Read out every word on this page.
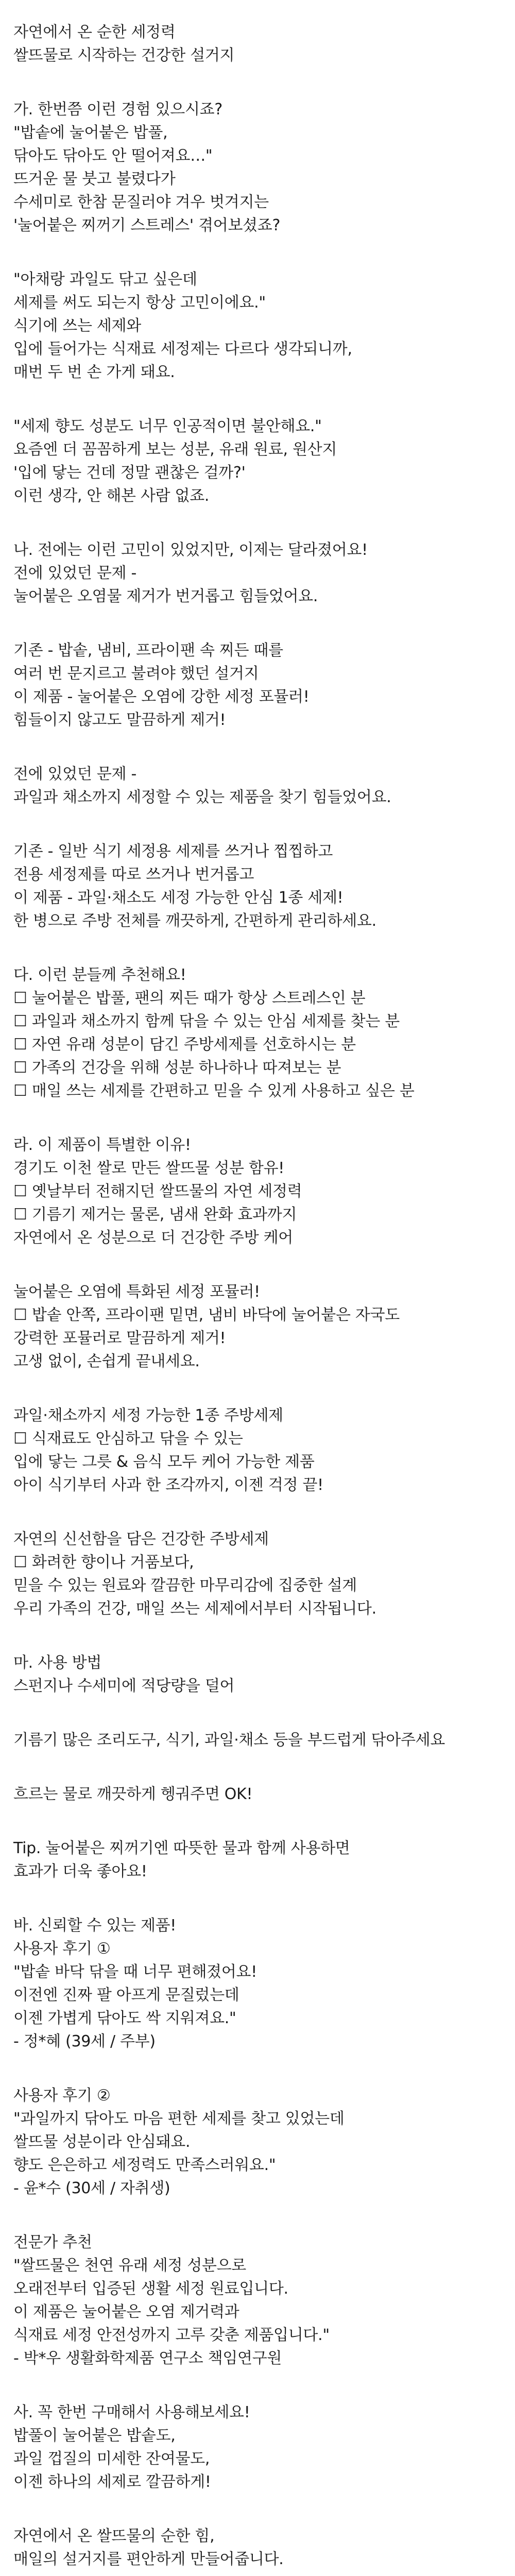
자연에서 온 순한 세정력
쌀뜨물로 시작하는 건강한 설거지
가. 한번쯤 이런 경험 있으시죠?
"밥솥에 눌어붙은 밥풀,
닦아도 닦아도 안 떨어져요…"
뜨거운 물 붓고 불렸다가
수세미로 한참 문질러야 겨우 벗겨지는
'눌어붙은 찌꺼기 스트레스' 겪어보셨죠?
"아채랑 과일도 닦고 싶은데
세제를 써도 되는지 항상 고민이에요."
식기에 쓰는 세제와
입에 들어가는 식재료 세정제는 다르다 생각되니까,
매번 두 번 손 가게 돼요.
"세제 향도 성분도 너무 인공적이면 불안해요."
요즘엔 더 꼼꼼하게 보는 성분, 유래 원료, 원산지
'입에 닿는 건데 정말 괜찮은 걸까?'
이런 생각, 안 해본 사람 없죠.
나. 전에는 이런 고민이 있었지만, 이제는 달라졌어요!
전에 있었던 문제 -
눌어붙은 오염물 제거가 번거롭고 힘들었어요.
기존 - 밥솥, 냄비, 프라이팬 속 찌든 때를
여러 번 문지르고 불려야 했던 설거지
이 제품 - 눌어붙은 오염에 강한 세정 포뮬러!
힘들이지 않고도 말끔하게 제거!
전에 있었던 문제 -
과일과 채소까지 세정할 수 있는 제품을 찾기 힘들었어요.
기존 - 일반 식기 세정용 세제를 쓰거나 찝찝하고
전용 세정제를 따로 쓰거나 번거롭고
이 제품 - 과일·채소도 세정 가능한 안심 1종 세제!
한 병으로 주방 전체를 깨끗하게, 간편하게 관리하세요.
다. 이런 분들께 추천해요!
☐ 눌어붙은 밥풀, 팬의 찌든 때가 항상 스트레스인 분
☐ 과일과 채소까지 함께 닦을 수 있는 안심 세제를 찾는 분
☐ 자연 유래 성분이 담긴 주방세제를 선호하시는 분
☐ 가족의 건강을 위해 성분 하나하나 따져보는 분
☐ 매일 쓰는 세제를 간편하고 믿을 수 있게 사용하고 싶은 분
라. 이 제품이 특별한 이유!
경기도 이천 쌀로 만든 쌀뜨물 성분 함유!
☐ 옛날부터 전해지던 쌀뜨물의 자연 세정력
☐ 기름기 제거는 물론, 냄새 완화 효과까지
자연에서 온 성분으로 더 건강한 주방 케어
눌어붙은 오염에 특화된 세정 포뮬러!
☐ 밥솥 안쪽, 프라이팬 밑면, 냄비 바닥에 눌어붙은 자국도
강력한 포뮬러로 말끔하게 제거!
고생 없이, 손쉽게 끝내세요.
과일·채소까지 세정 가능한 1종 주방세제
☐ 식재료도 안심하고 닦을 수 있는
입에 닿는 그릇 & 음식 모두 케어 가능한 제품
아이 식기부터 사과 한 조각까지, 이젠 걱정 끝!
자연의 신선함을 담은 건강한 주방세제
☐ 화려한 향이나 거품보다,
믿을 수 있는 원료와 깔끔한 마무리감에 집중한 설계
우리 가족의 건강, 매일 쓰는 세제에서부터 시작됩니다.
마. 사용 방법
스펀지나 수세미에 적당량을 덜어
기름기 많은 조리도구, 식기, 과일·채소 등을 부드럽게 닦아주세요
흐르는 물로 깨끗하게 헹궈주면 OK!
Tip. 눌어붙은 찌꺼기엔 따뜻한 물과 함께 사용하면
효과가 더욱 좋아요!
바. 신뢰할 수 있는 제품!
사용자 후기 ①
"밥솥 바닥 닦을 때 너무 편해졌어요!
이전엔 진짜 팔 아프게 문질렀는데
이젠 가볍게 닦아도 싹 지워져요."
- 정*혜 (39세 / 주부)
사용자 후기 ②
"과일까지 닦아도 마음 편한 세제를 찾고 있었는데
쌀뜨물 성분이라 안심돼요.
향도 은은하고 세정력도 만족스러워요."
- 윤*수 (30세 / 자취생)
전문가 추천
"쌀뜨물은 천연 유래 세정 성분으로
오래전부터 입증된 생활 세정 원료입니다.
이 제품은 눌어붙은 오염 제거력과
식재료 세정 안전성까지 고루 갖춘 제품입니다."
- 박*우 생활화학제품 연구소 책임연구원
사. 꼭 한번 구매해서 사용해보세요!
밥풀이 눌어붙은 밥솥도,
과일 껍질의 미세한 잔여물도,
이젠 하나의 세제로 깔끔하게!
자연에서 온 쌀뜨물의 순한 힘,
매일의 설거지를 편안하게 만들어줍니다.
